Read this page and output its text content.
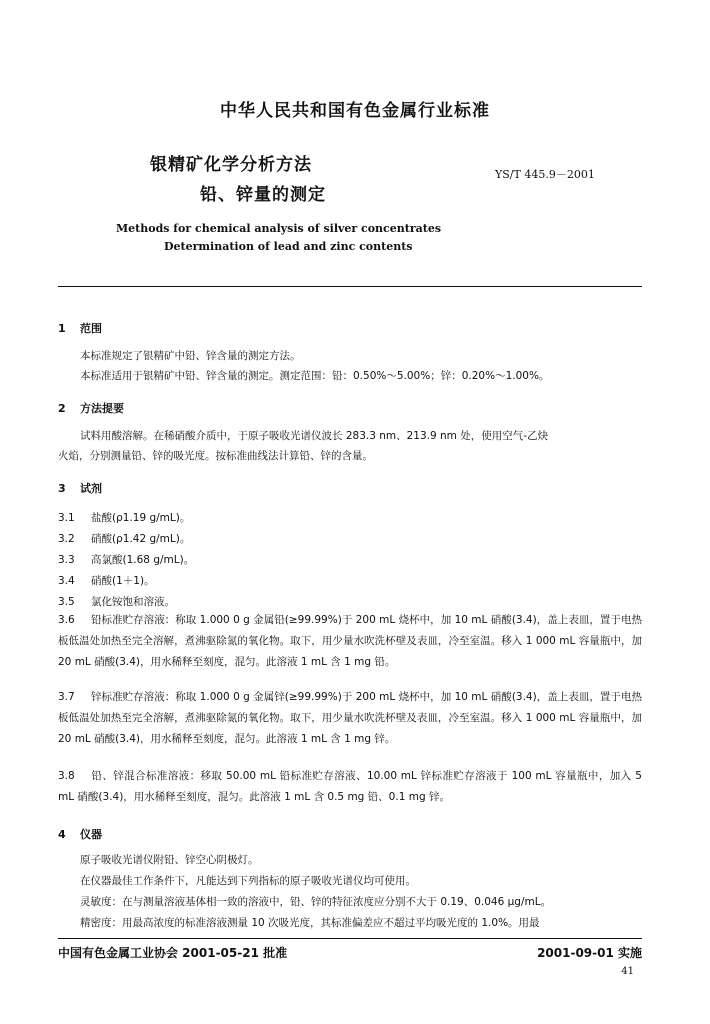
中华人民共和国有色金属行业标准
银精矿化学分析方法
铅、锌量的测定
YS/T 445.9－2001
Methods for chemical analysis of silver concentrates
Determination of lead and zinc contents
1 范围
本标准规定了银精矿中铅、锌含量的测定方法。
本标准适用于银精矿中铅、锌含量的测定。测定范围：铅：0.50%～5.00%；锌：0.20%～1.00%。
2 方法提要
试料用酸溶解。在稀硝酸介质中，于原子吸收光谱仪波长 283.3 nm、213.9 nm 处，使用空气-乙炔
火焰，分别测量铅、锌的吸光度。按标准曲线法计算铅、锌的含量。
3 试剂
3.1 盐酸(ρ1.19 g/mL)。
3.2 硝酸(ρ1.42 g/mL)。
3.3 高氯酸(1.68 g/mL)。
3.4 硝酸(1＋1)。
3.5 氯化铵饱和溶液。
3.6 铅标准贮存溶液：称取 1.000 0 g 金属铅(≥99.99%)于 200 mL 烧杯中，加 10 mL 硝酸(3.4)，盖上表皿，置于电热板低温处加热至完全溶解，煮沸驱除氮的氧化物。取下，用少量水吹洗杯壁及表皿，冷至室温。移入 1 000 mL 容量瓶中，加 20 mL 硝酸(3.4)，用水稀释至刻度，混匀。此溶液 1 mL 含 1 mg 铅。
3.7 锌标准贮存溶液：称取 1.000 0 g 金属锌(≥99.99%)于 200 mL 烧杯中，加 10 mL 硝酸(3.4)，盖上表皿，置于电热板低温处加热至完全溶解，煮沸驱除氮的氧化物。取下，用少量水吹洗杯壁及表皿，冷至室温。移入 1 000 mL 容量瓶中，加 20 mL 硝酸(3.4)，用水稀释至刻度，混匀。此溶液 1 mL 含 1 mg 锌。
3.8 铅、锌混合标准溶液：移取 50.00 mL 铅标准贮存溶液、10.00 mL 锌标准贮存溶液于 100 mL 容量瓶中，加入 5 mL 硝酸(3.4)，用水稀释至刻度，混匀。此溶液 1 mL 含 0.5 mg 铅、0.1 mg 锌。
4 仪器
原子吸收光谱仪附铅、锌空心阴极灯。
在仪器最佳工作条件下，凡能达到下列指标的原子吸收光谱仪均可使用。
灵敏度：在与测量溶液基体相一致的溶液中，铅、锌的特征浓度应分别不大于 0.19、0.046 μg/mL。
精密度：用最高浓度的标准溶液测量 10 次吸光度，其标准偏差应不超过平均吸光度的 1.0%。用最
中国有色金属工业协会 2001-05-21 批准	2001-09-01 实施
41
